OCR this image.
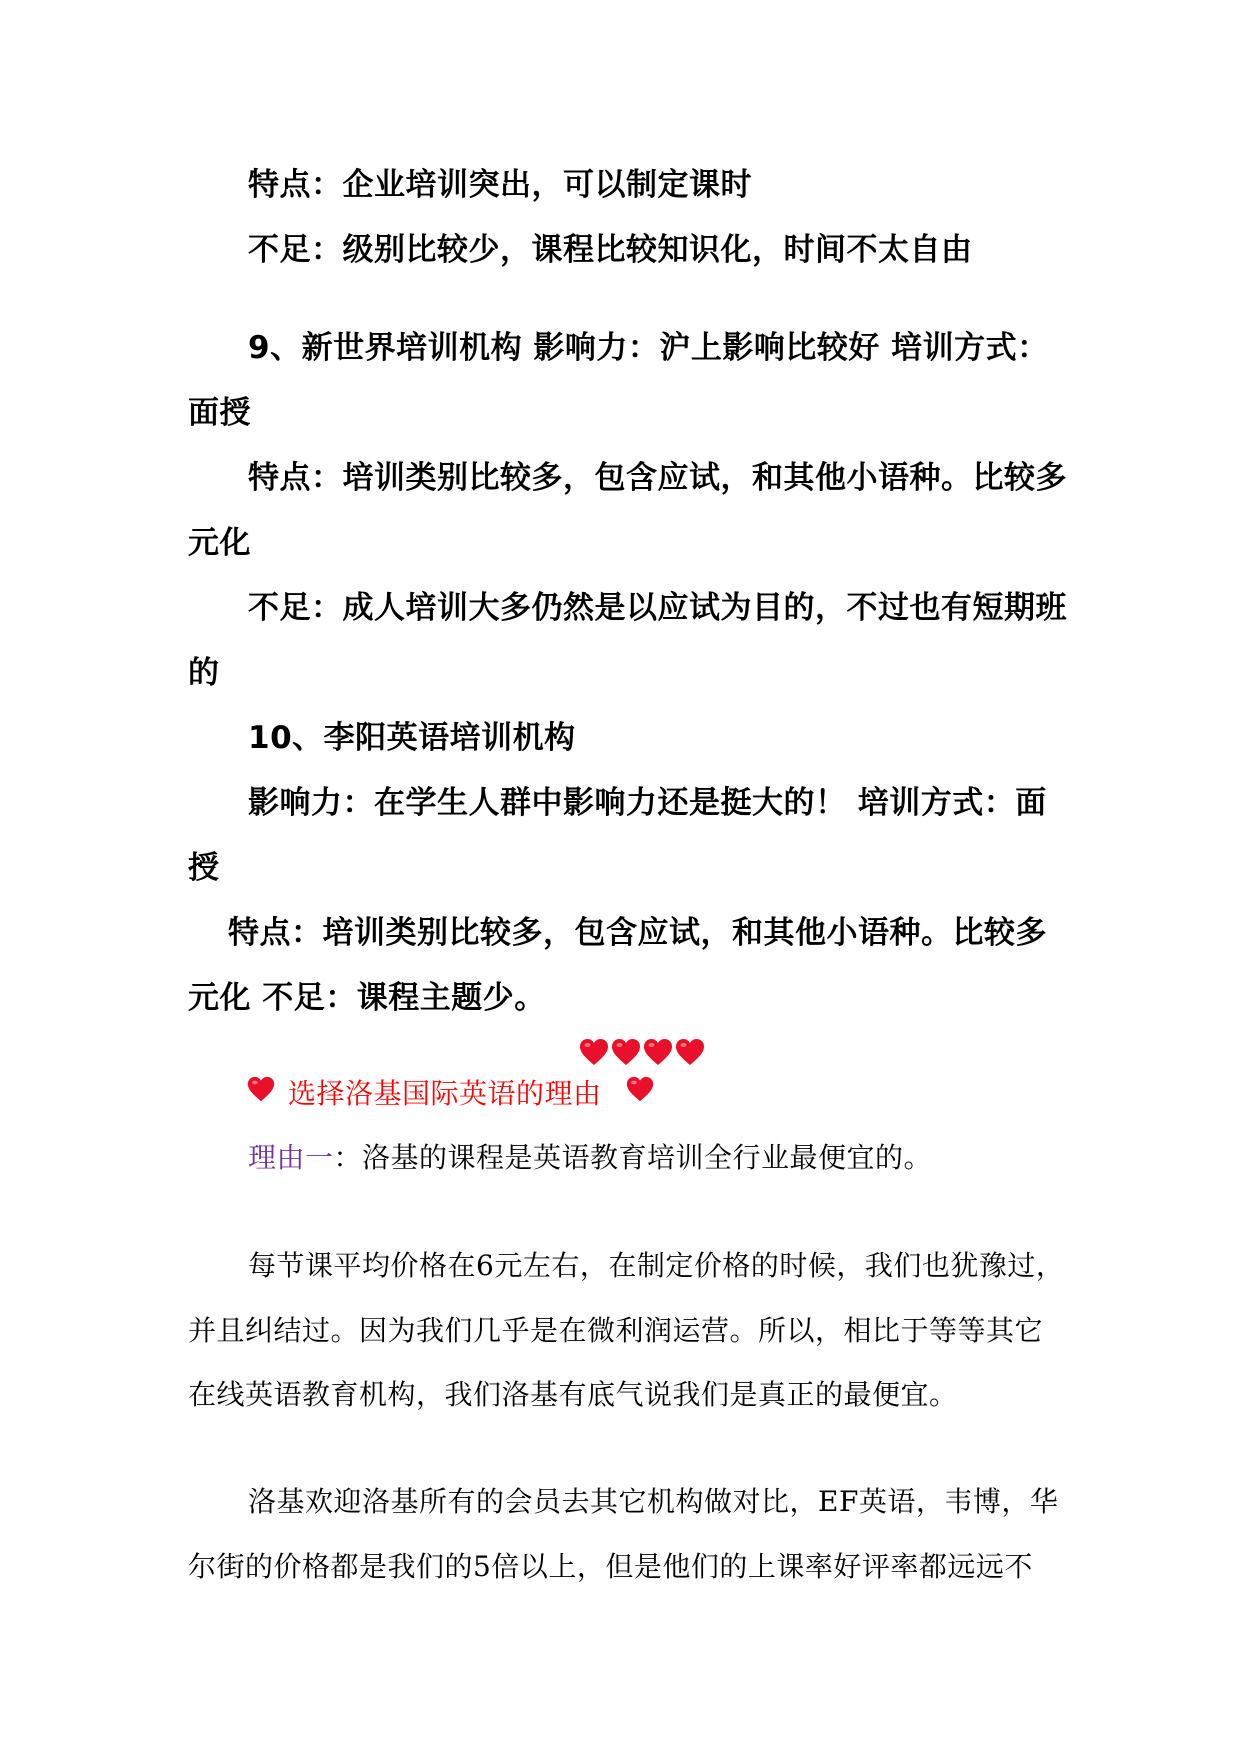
特点：企业培训突出，可以制定课时

不足：级别比较少，课程比较知识化，时间不太自由

9、新世界培训机构 影响力：沪上影响比较好 培训方式：

面授

特点：培训类别比较多，包含应试，和其他小语种。比较多

元化

不足：成人培训大多仍然是以应试为目的，不过也有短期班

的

10、李阳英语培训机构

影响力：在学生人群中影响力还是挺大的！ 培训方式：面

授

特点：培训类别比较多，包含应试，和其他小语种。比较多

元化 不足：课程主题少。

选择洛基国际英语的理由

理由一：洛基的课程是英语教育培训全行业最便宜的。

每节课平均价格在6元左右，在制定价格的时候，我们也犹豫过，

并且纠结过。因为我们几乎是在微利润运营。所以，相比于等等其它

在线英语教育机构，我们洛基有底气说我们是真正的最便宜。

洛基欢迎洛基所有的会员去其它机构做对比，EF英语，韦博，华

尔街的价格都是我们的5倍以上，但是他们的上课率好评率都远远不
